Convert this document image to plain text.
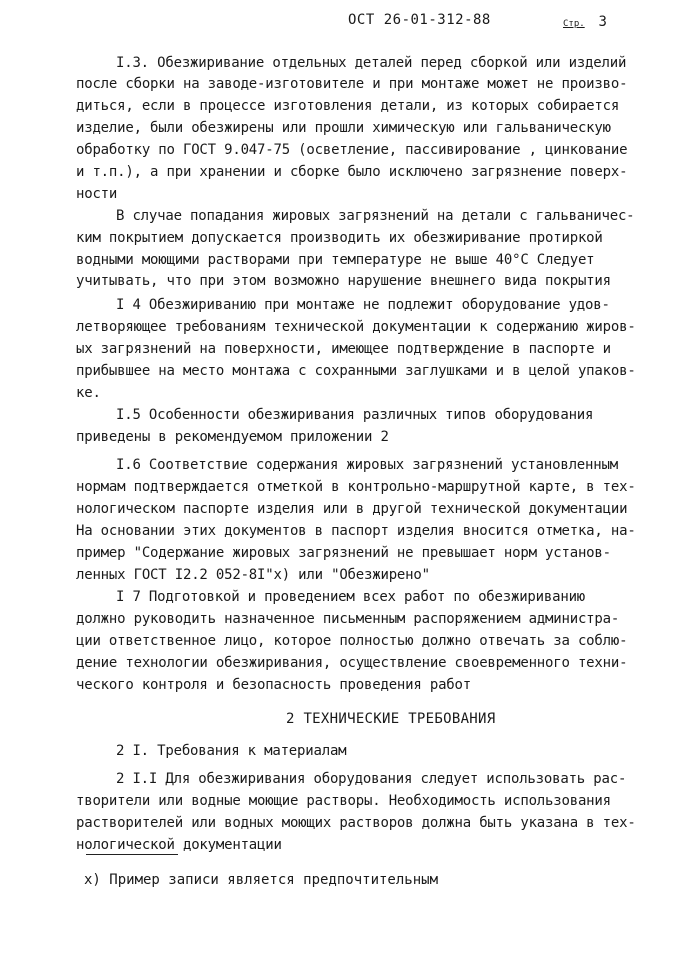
ОСТ 26-01-312-88	Стр. 3
I.3. Обезжиривание отдельных деталей перед сборкой или изделий
после сборки на заводе-изготовителе и при монтаже может не произво-
диться, если в процессе изготовления детали, из которых собирается
изделие, были обезжирены или прошли химическую или гальваническую
обработку по ГОСТ 9.047-75 (осветление, пассивирование , цинкование
и т.п.), а при хранении и сборке было исключено загрязнение поверх-
ности
В случае попадания жировых загрязнений на детали с гальваничес-
ким покрытием допускается производить их обезжиривание протиркой
водными моющими растворами при температуре не выше 40°С Следует
учитывать, что при этом возможно нарушение внешнего вида покрытия
I 4 Обезжириванию при монтаже не подлежит оборудование удов-
летворяющее требованиям технической документации к содержанию жиров-
ых загрязнений на поверхности, имеющее подтверждение в паспорте и
прибывшее на место монтажа с сохранными заглушками и в целой упаков-
ке.
I.5 Особенности обезжиривания различных типов оборудования
приведены в рекомендуемом приложении 2
I.6 Соответствие содержания жировых загрязнений установленным
нормам подтверждается отметкой в контрольно-маршрутной карте, в тех-
нологическом паспорте изделия или в другой технической документации
На основании этих документов в паспорт изделия вносится отметка, на-
пример "Содержание жировых загрязнений не превышает норм установ-
ленных ГОСТ I2.2 052-8I"x) или "Обезжирено"
I 7 Подготовкой и проведением всех работ по обезжириванию
должно руководить назначенное письменным распоряжением администра-
ции ответственное лицо, которое полностью должно отвечать за соблю-
дение технологии обезжиривания, осуществление своевременного техни-
ческого контроля и безопасность проведения работ
2 ТЕХНИЧЕСКИЕ ТРЕБОВАНИЯ
2 I. Требования к материалам
2 I.I Для обезжиривания оборудования следует использовать рас-
творители или водные моющие растворы. Необходимость использования
растворителей или водных моющих растворов должна быть указана в тех-
нологической документации
x) Пример записи является предпочтительным
